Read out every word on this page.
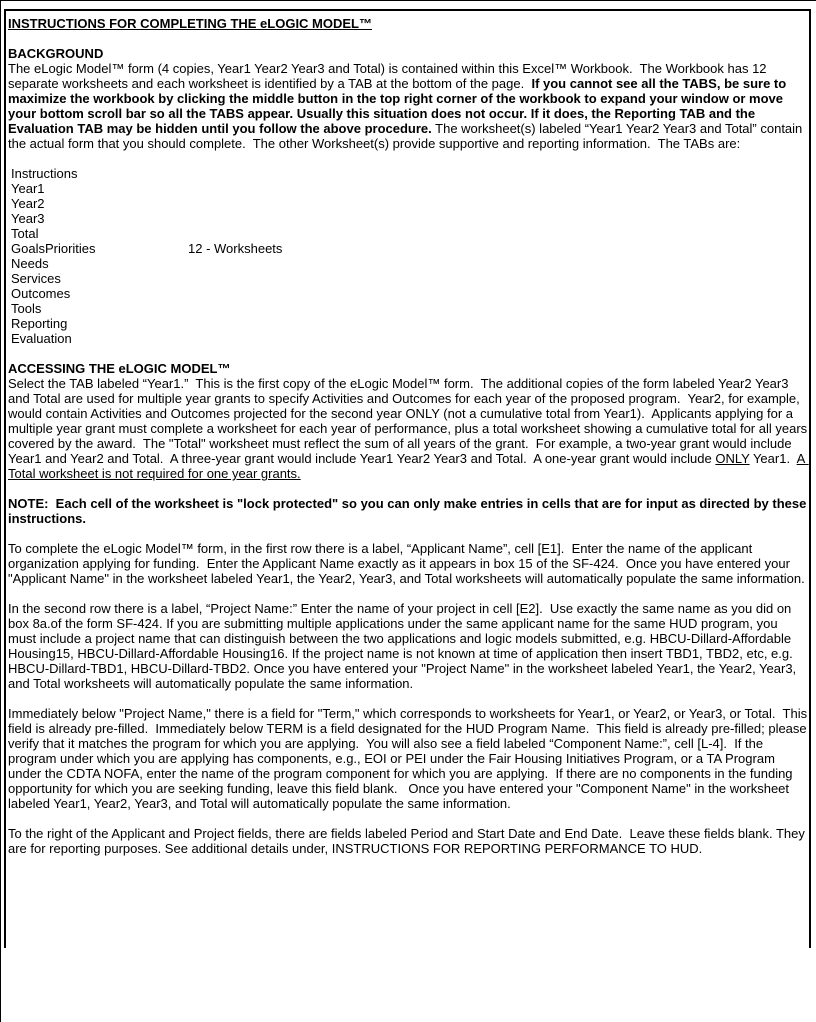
INSTRUCTIONS FOR COMPLETING THE eLOGIC MODEL™
BACKGROUND

The eLogic Model™ form (4 copies, Year1 Year2 Year3 and Total) is contained within this Excel™ Workbook.  The Workbook has 12 separate worksheets and each worksheet is identified by a TAB at the bottom of the page.  If you cannot see all the TABS, be sure to maximize the workbook by clicking the middle button in the top right corner of the workbook to expand your window or move your bottom scroll bar so all the TABS appear. Usually this situation does not occur. If it does, the Reporting TAB and the Evaluation TAB may be hidden until you follow the above procedure. The worksheet(s) labeled “Year1 Year2 Year3 and Total” contain the actual form that you should complete.  The other Worksheet(s) provide supportive and reporting information.  The TABs are:

Instructions
Year1
Year2
Year3
Total
GoalsPriorities	12 - Worksheets
Needs
Services
Outcomes
Tools
Reporting
Evaluation
ACCESSING THE eLOGIC MODEL™

Select the TAB labeled “Year1.”  This is the first copy of the eLogic Model™ form.  The additional copies of the form labeled Year2 Year3 and Total are used for multiple year grants to specify Activities and Outcomes for each year of the proposed program.  Year2, for example, would contain Activities and Outcomes projected for the second year ONLY (not a cumulative total from Year1).  Applicants applying for a multiple year grant must complete a worksheet for each year of performance, plus a total worksheet showing a cumulative total for all years covered by the award.  The "Total" worksheet must reflect the sum of all years of the grant.  For example, a two-year grant would include Year1 and Year2 and Total.  A three-year grant would include Year1 Year2 Year3 and Total.  A one-year grant would include ONLY Year1.  A Total worksheet is not required for one year grants.

NOTE:  Each cell of the worksheet is "lock protected" so you can only make entries in cells that are for input as directed by these instructions.

To complete the eLogic Model™ form, in the first row there is a label, “Applicant Name”, cell [E1].  Enter the name of the applicant organization applying for funding.  Enter the Applicant Name exactly as it appears in box 15 of the SF-424.  Once you have entered your "Applicant Name" in the worksheet labeled Year1, the Year2, Year3, and Total worksheets will automatically populate the same information.

In the second row there is a label, “Project Name:” Enter the name of your project in cell [E2].  Use exactly the same name as you did on box 8a.of the form SF-424. If you are submitting multiple applications under the same applicant name for the same HUD program, you must include a project name that can distinguish between the two applications and logic models submitted, e.g. HBCU-Dillard-Affordable Housing15, HBCU-Dillard-Affordable Housing16. If the project name is not known at time of application then insert TBD1, TBD2, etc, e.g. HBCU-Dillard-TBD1, HBCU-Dillard-TBD2. Once you have entered your "Project Name" in the worksheet labeled Year1, the Year2, Year3, and Total worksheets will automatically populate the same information.

Immediately below "Project Name," there is a field for "Term," which corresponds to worksheets for Year1, or Year2, or Year3, or Total.  This field is already pre-filled.  Immediately below TERM is a field designated for the HUD Program Name.  This field is already pre-filled; please verify that it matches the program for which you are applying.  You will also see a field labeled “Component Name:”, cell [L-4].  If the program under which you are applying has components, e.g., EOI or PEI under the Fair Housing Initiatives Program, or a TA Program under the CDTA NOFA, enter the name of the program component for which you are applying.  If there are no components in the funding opportunity for which you are seeking funding, leave this field blank.   Once you have entered your "Component Name" in the worksheet labeled Year1, Year2, Year3, and Total will automatically populate the same information.

To the right of the Applicant and Project fields, there are fields labeled Period and Start Date and End Date.  Leave these fields blank. They are for reporting purposes. See additional details under, INSTRUCTIONS FOR REPORTING PERFORMANCE TO HUD.
